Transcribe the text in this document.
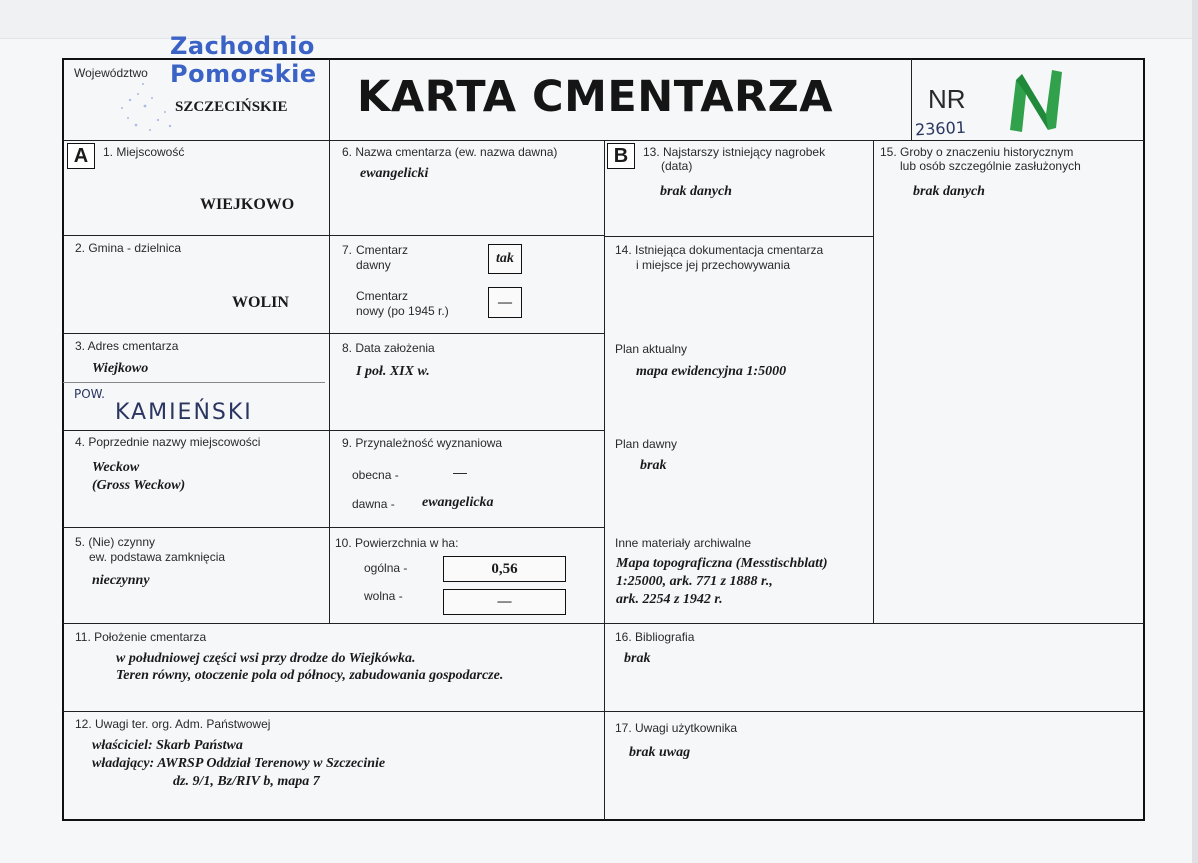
Województwo
Zachodnio
Pomorskie
SZCZECIŃSKIE KARTA CMENTARZA	NR
23601
A	1. Miejscowość
WIEJKOWO
2. Gmina - dzielnica
WOLIN
3. Adres cmentarza
Wiejkowo
POW.
KAMIEŃSKI
4. Poprzednie nazwy miejscowości
Weckow
(Gross Weckow)
5. (Nie) czynny
ew. podstawa zamknięcia
nieczynny
6. Nazwa cmentarza (ew. nazwa dawna)
ewangelicki
7. Cmentarz
dawny	tak
Cmentarz
nowy (po 1945 r.)
—
8. Data założenia
I poł. XIX w.
9. Przynależność wyznaniowa
obecna -	—
dawna - ewangelicka
10. Powierzchnia w ha:
ogólna -	0,56
wolna -	—
11. Położenie cmentarza
w południowej części wsi przy drodze do Wiejkówka.
Teren równy, otoczenie pola od północy, zabudowania gospodarcze.
12. Uwagi ter. org. Adm. Państwowej
właściciel: Skarb Państwa
władający: AWRSP Oddział Terenowy w Szczecinie
dz. 9/1, Bz/RIV b, mapa 7
B	13. Najstarszy istniejący nagrobek
(data)
brak danych
14. Istniejąca dokumentacja cmentarza
i miejsce jej przechowywania
Plan aktualny
mapa ewidencyjna 1:5000
Plan dawny
brak
Inne materiały archiwalne
Mapa topograficzna (Messtischblatt)
1:25000, ark. 771 z 1888 r.,
ark. 2254 z 1942 r.
15. Groby o znaczeniu historycznym
lub osób szczególnie zasłużonych
brak danych
16. Bibliografia
brak
17. Uwagi użytkownika
brak uwag
